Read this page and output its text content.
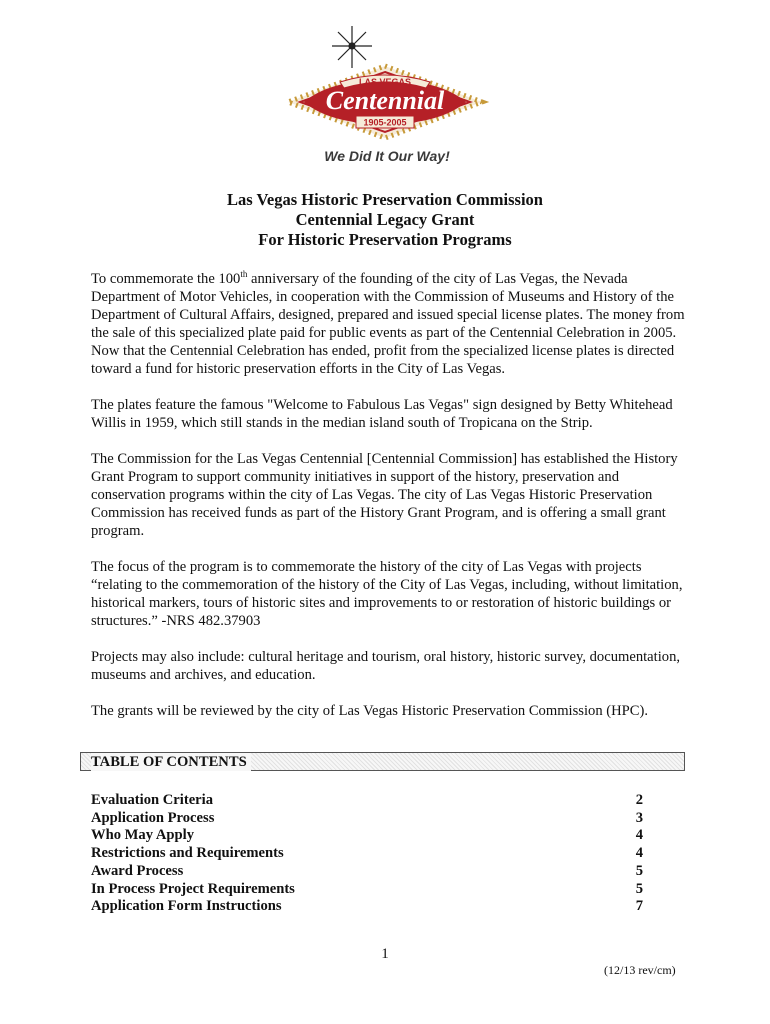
LAS VEGAS
Centennial
1905-2005
We Did It Our Way!
Las Vegas Historic Preservation Commission
Centennial Legacy Grant
For Historic Preservation Programs

To commemorate the 100th anniversary of the founding of the city of Las Vegas, the Nevada Department of Motor Vehicles, in cooperation with the Commission of Museums and History of the Department of Cultural Affairs, designed, prepared and issued special license plates. The money from the sale of this specialized plate paid for public events as part of the Centennial Celebration in 2005. Now that the Centennial Celebration has ended, profit from the specialized license plates is directed toward a fund for historic preservation efforts in the City of Las Vegas.

The plates feature the famous "Welcome to Fabulous Las Vegas" sign designed by Betty Whitehead Willis in 1959, which still stands in the median island south of Tropicana on the Strip.

The Commission for the Las Vegas Centennial [Centennial Commission] has established the History Grant Program to support community initiatives in support of the history, preservation and conservation programs within the city of Las Vegas. The city of Las Vegas Historic Preservation Commission has received funds as part of the History Grant Program, and is offering a small grant program.

The focus of the program is to commemorate the history of the city of Las Vegas with projects “relating to the commemoration of the history of the City of Las Vegas, including, without limitation, historical markers, tours of historic sites and improvements to or restoration of historic buildings or structures.” -NRS 482.37903

Projects may also include: cultural heritage and tourism, oral history, historic survey, documentation, museums and archives, and education.

The grants will be reviewed by the city of Las Vegas Historic Preservation Commission (HPC).

TABLE OF CONTENTS
Evaluation Criteria	2
Application Process	3
Who May Apply	4
Restrictions and Requirements	4
Award Process	5
In Process Project Requirements	5
Application Form Instructions	7
1
(12/13 rev/cm)
